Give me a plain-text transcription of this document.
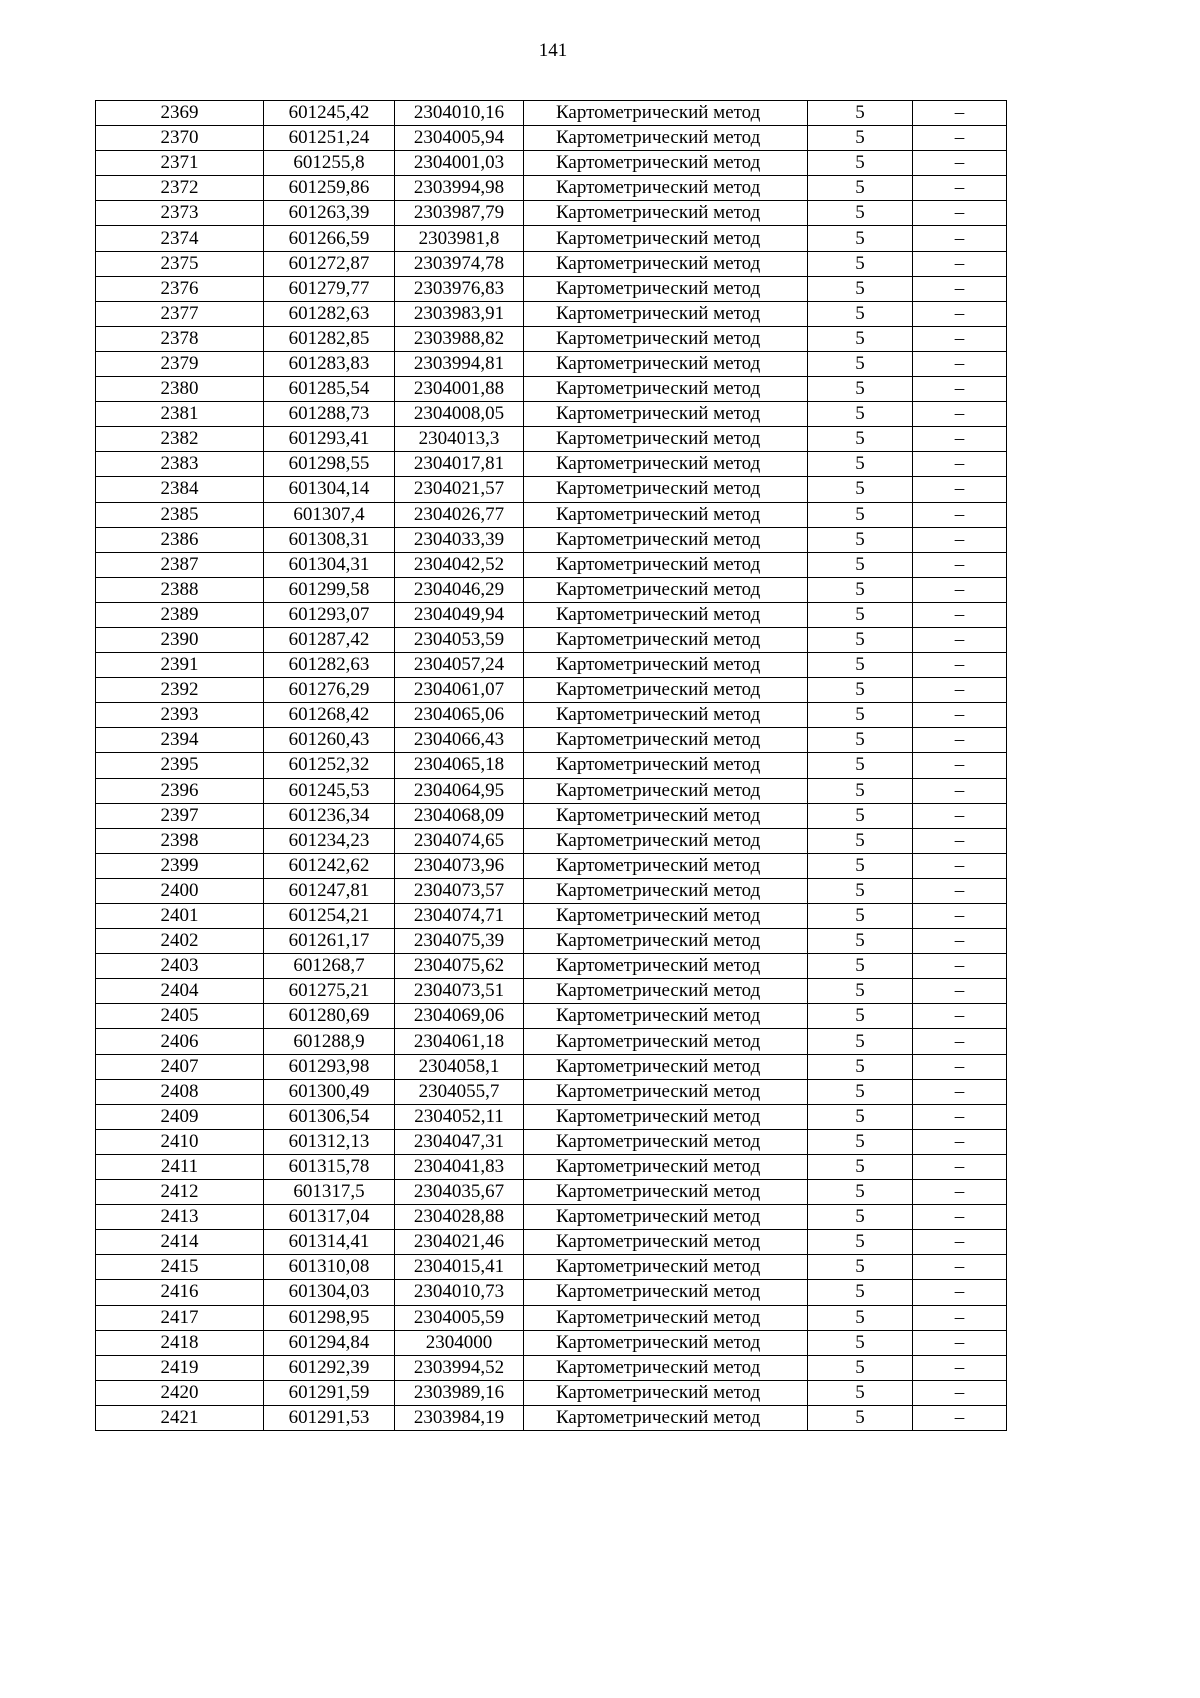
141
2369	601245,42	2304010,16	Картометрический метод	5	–
2370	601251,24	2304005,94	Картометрический метод	5	–
2371	601255,8	2304001,03	Картометрический метод	5	–
2372	601259,86	2303994,98	Картометрический метод	5	–
2373	601263,39	2303987,79	Картометрический метод	5	–
2374	601266,59	2303981,8	Картометрический метод	5	–
2375	601272,87	2303974,78	Картометрический метод	5	–
2376	601279,77	2303976,83	Картометрический метод	5	–
2377	601282,63	2303983,91	Картометрический метод	5	–
2378	601282,85	2303988,82	Картометрический метод	5	–
2379	601283,83	2303994,81	Картометрический метод	5	–
2380	601285,54	2304001,88	Картометрический метод	5	–
2381	601288,73	2304008,05	Картометрический метод	5	–
2382	601293,41	2304013,3	Картометрический метод	5	–
2383	601298,55	2304017,81	Картометрический метод	5	–
2384	601304,14	2304021,57	Картометрический метод	5	–
2385	601307,4	2304026,77	Картометрический метод	5	–
2386	601308,31	2304033,39	Картометрический метод	5	–
2387	601304,31	2304042,52	Картометрический метод	5	–
2388	601299,58	2304046,29	Картометрический метод	5	–
2389	601293,07	2304049,94	Картометрический метод	5	–
2390	601287,42	2304053,59	Картометрический метод	5	–
2391	601282,63	2304057,24	Картометрический метод	5	–
2392	601276,29	2304061,07	Картометрический метод	5	–
2393	601268,42	2304065,06	Картометрический метод	5	–
2394	601260,43	2304066,43	Картометрический метод	5	–
2395	601252,32	2304065,18	Картометрический метод	5	–
2396	601245,53	2304064,95	Картометрический метод	5	–
2397	601236,34	2304068,09	Картометрический метод	5	–
2398	601234,23	2304074,65	Картометрический метод	5	–
2399	601242,62	2304073,96	Картометрический метод	5	–
2400	601247,81	2304073,57	Картометрический метод	5	–
2401	601254,21	2304074,71	Картометрический метод	5	–
2402	601261,17	2304075,39	Картометрический метод	5	–
2403	601268,7	2304075,62	Картометрический метод	5	–
2404	601275,21	2304073,51	Картометрический метод	5	–
2405	601280,69	2304069,06	Картометрический метод	5	–
2406	601288,9	2304061,18	Картометрический метод	5	–
2407	601293,98	2304058,1	Картометрический метод	5	–
2408	601300,49	2304055,7	Картометрический метод	5	–
2409	601306,54	2304052,11	Картометрический метод	5	–
2410	601312,13	2304047,31	Картометрический метод	5	–
2411	601315,78	2304041,83	Картометрический метод	5	–
2412	601317,5	2304035,67	Картометрический метод	5	–
2413	601317,04	2304028,88	Картометрический метод	5	–
2414	601314,41	2304021,46	Картометрический метод	5	–
2415	601310,08	2304015,41	Картометрический метод	5	–
2416	601304,03	2304010,73	Картометрический метод	5	–
2417	601298,95	2304005,59	Картометрический метод	5	–
2418	601294,84	2304000	Картометрический метод	5	–
2419	601292,39	2303994,52	Картометрический метод	5	–
2420	601291,59	2303989,16	Картометрический метод	5	–
2421	601291,53	2303984,19	Картометрический метод	5	–
